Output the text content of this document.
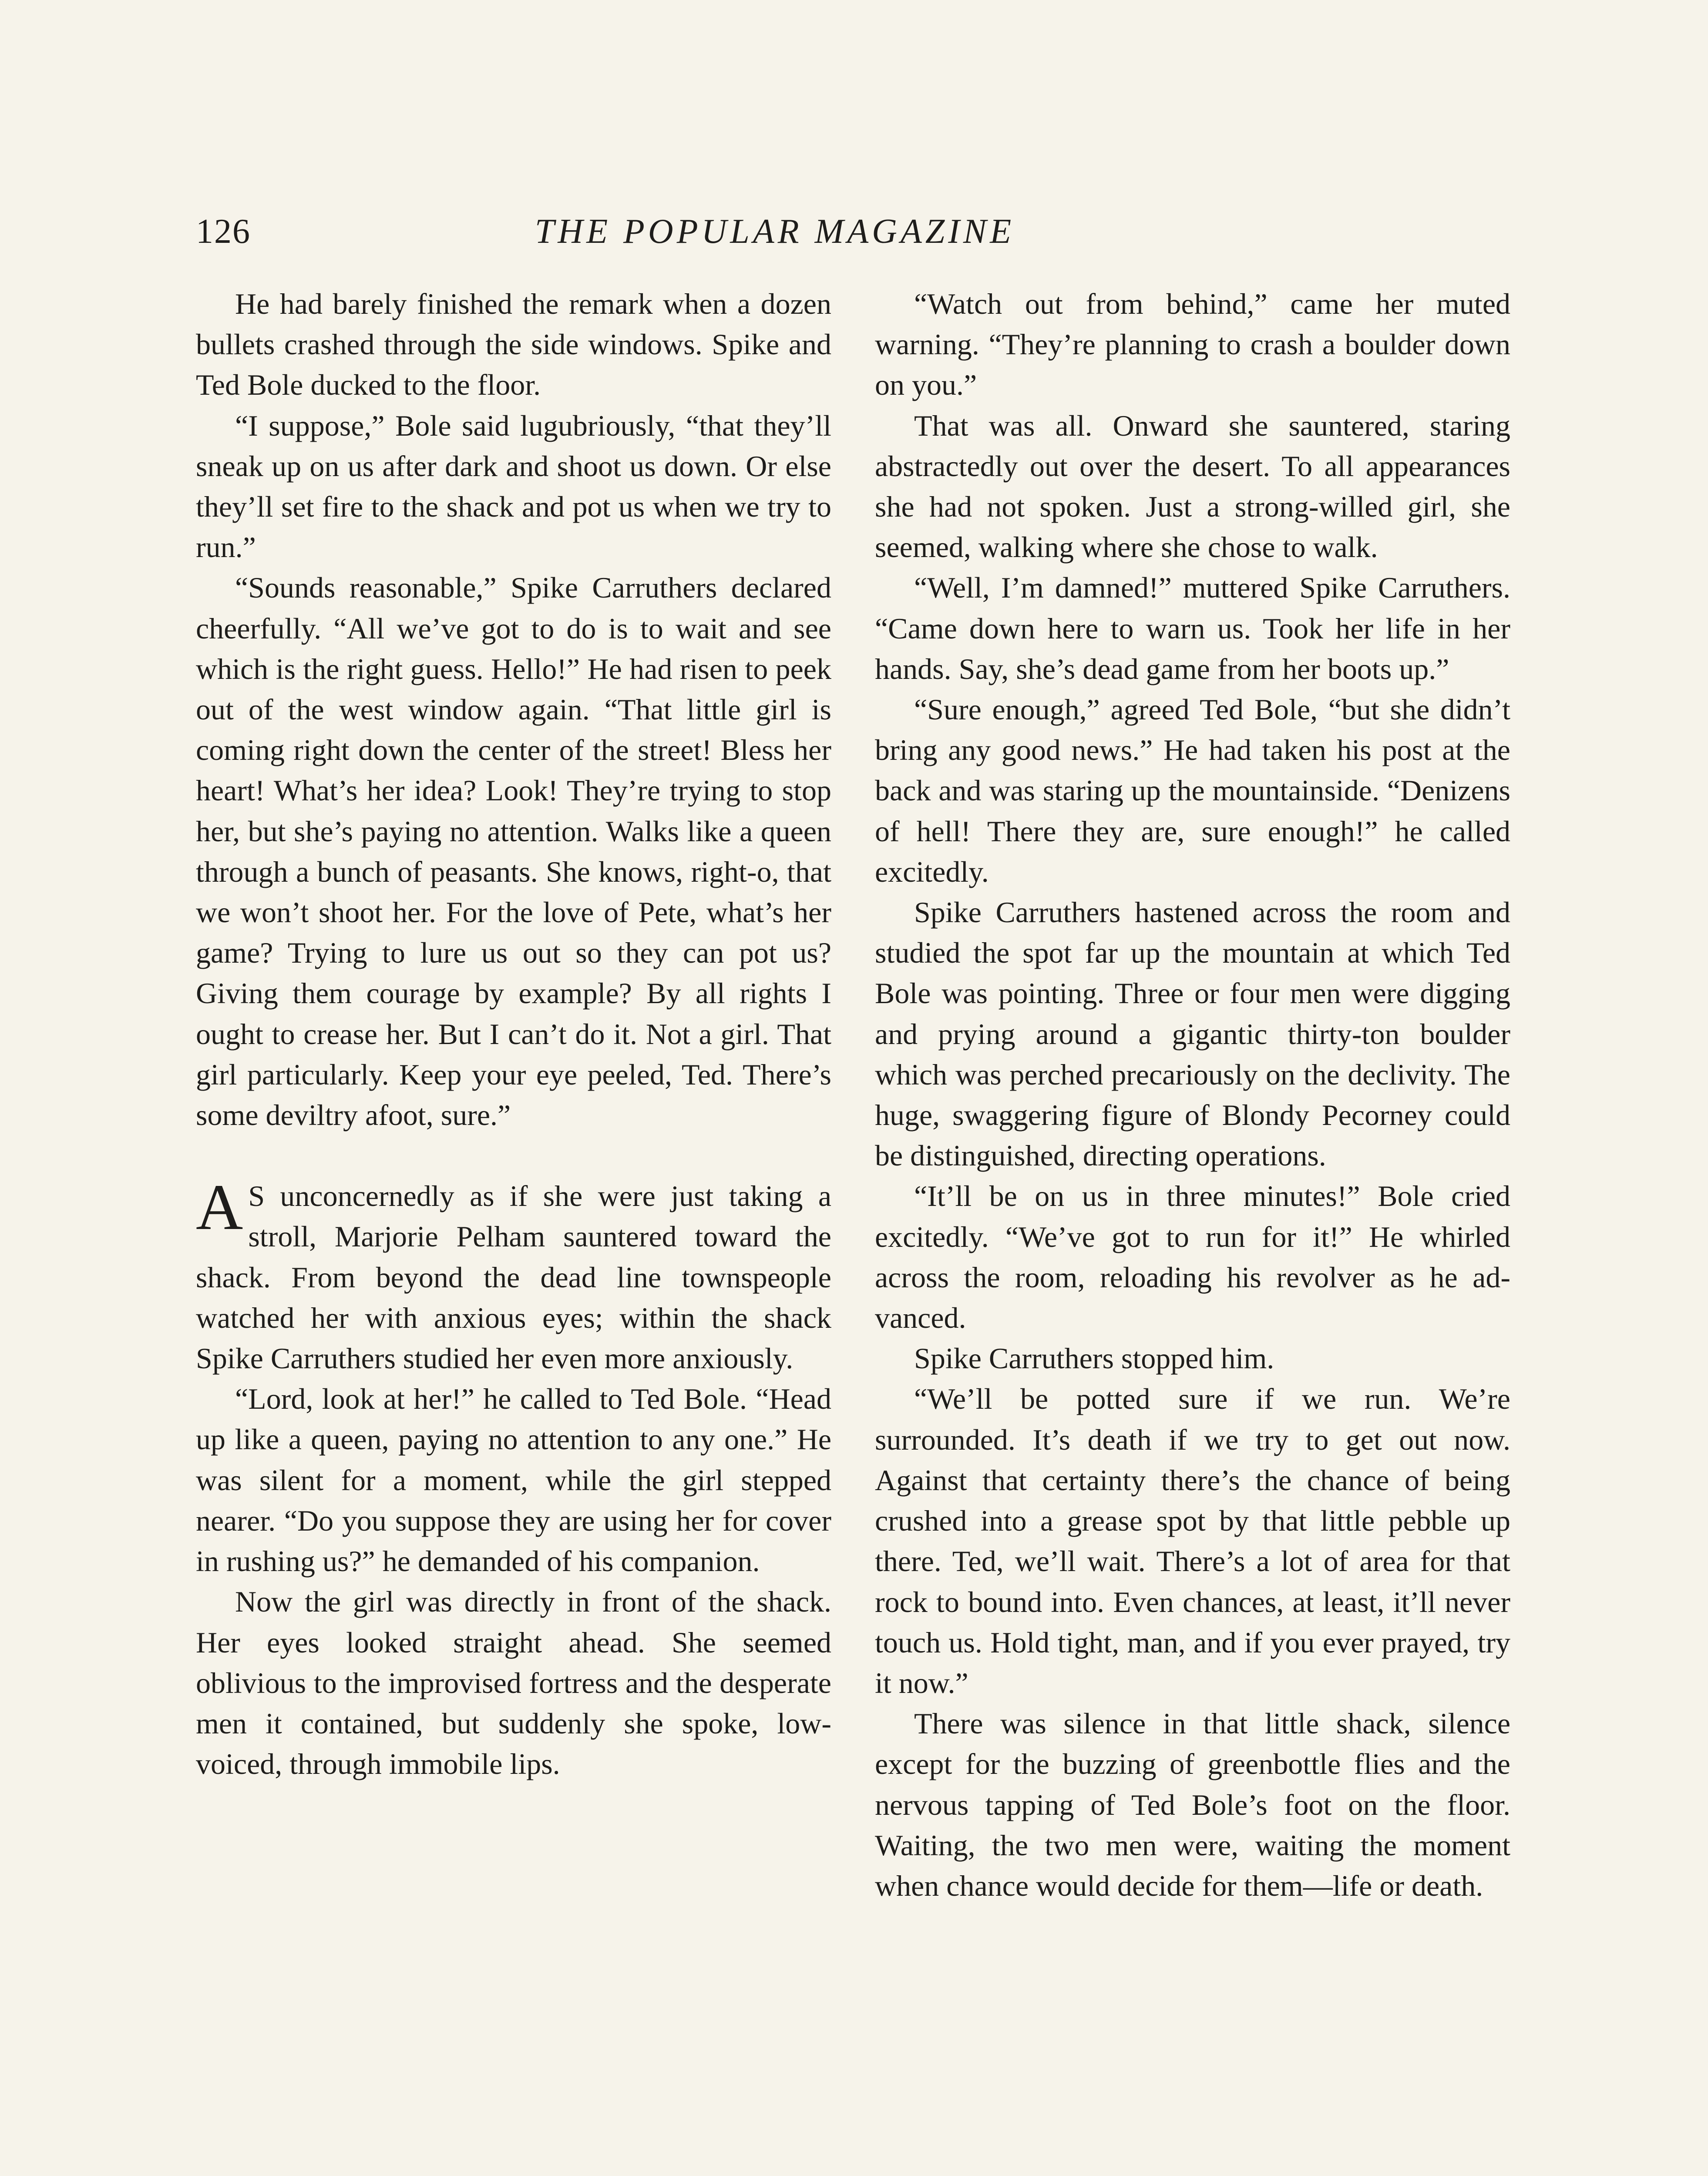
126	THE POPULAR MAGAZINE

He had barely finished the remark when a dozen bullets crashed through the side windows. Spike and Ted Bole ducked to the floor.

“I suppose,” Bole said lugubriously, “that they’ll sneak up on us after dark and shoot us down. Or else they’ll set fire to the shack and pot us when we try to run.”

“Sounds reasonable,” Spike Carruthers declared cheerfully. “All we’ve got to do is to wait and see which is the right guess. Hello!” He had risen to peek out of the west window again. “That little girl is coming right down the center of the street! Bless her heart! What’s her idea? Look! They’re trying to stop her, but she’s paying no attention. Walks like a queen through a bunch of peasants. She knows, right-o, that we won’t shoot her. For the love of Pete, what’s her game? Trying to lure us out so they can pot us? Giving them courage by example? By all rights I ought to crease her. But I can’t do it. Not a girl. That girl particularly. Keep your eye peeled, Ted. There’s some deviltry afoot, sure.”

A S unconcernedly as if she were just taking a stroll, Marjorie Pelham sauntered toward the shack. From beyond the dead line townspeople watched her with anxious eyes; within the shack Spike Carruthers studied her even more anxiously.

“Lord, look at her!” he called to Ted Bole. “Head up like a queen, paying no attention to any one.” He was silent for a moment, while the girl stepped nearer. “Do you suppose they are using her for cover in rushing us?” he demanded of his companion.

Now the girl was directly in front of the shack. Her eyes looked straight ahead. She seemed oblivious to the improvised fortress and the desperate men it contained, but suddenly she spoke, low-voiced, through immobile lips.

“Watch out from behind,” came her muted warning. “They’re planning to crash a boulder down on you.”

That was all. Onward she sauntered, staring abstractedly out over the desert. To all appearances she had not spoken. Just a strong-willed girl, she seemed, walking where she chose to walk.

“Well, I’m damned!” muttered Spike Carruthers. “Came down here to warn us. Took her life in her hands. Say, she’s dead game from her boots up.”

“Sure enough,” agreed Ted Bole, “but she didn’t bring any good news.” He had taken his post at the back and was staring up the mountainside. “Denizens of hell! There they are, sure enough!” he called excitedly.

Spike Carruthers hastened across the room and studied the spot far up the mountain at which Ted Bole was pointing. Three or four men were digging and prying around a gigantic thirty-ton boulder which was perched precariously on the declivity. The huge, swaggering figure of Blondy Pecorney could be distinguished, directing operations.

“It’ll be on us in three minutes!” Bole cried excitedly. “We’ve got to run for it!” He whirled across the room, reloading his revolver as he advanced.

Spike Carruthers stopped him.

“We’ll be potted sure if we run. We’re surrounded. It’s death if we try to get out now. Against that certainty there’s the chance of being crushed into a grease spot by that little pebble up there. Ted, we’ll wait. There’s a lot of area for that rock to bound into. Even chances, at least, it’ll never touch us. Hold tight, man, and if you ever prayed, try it now.”

There was silence in that little shack, silence except for the buzzing of greenbottle flies and the nervous tapping of Ted Bole’s foot on the floor. Waiting, the two men were, waiting the moment when chance would decide for them—life or death.
